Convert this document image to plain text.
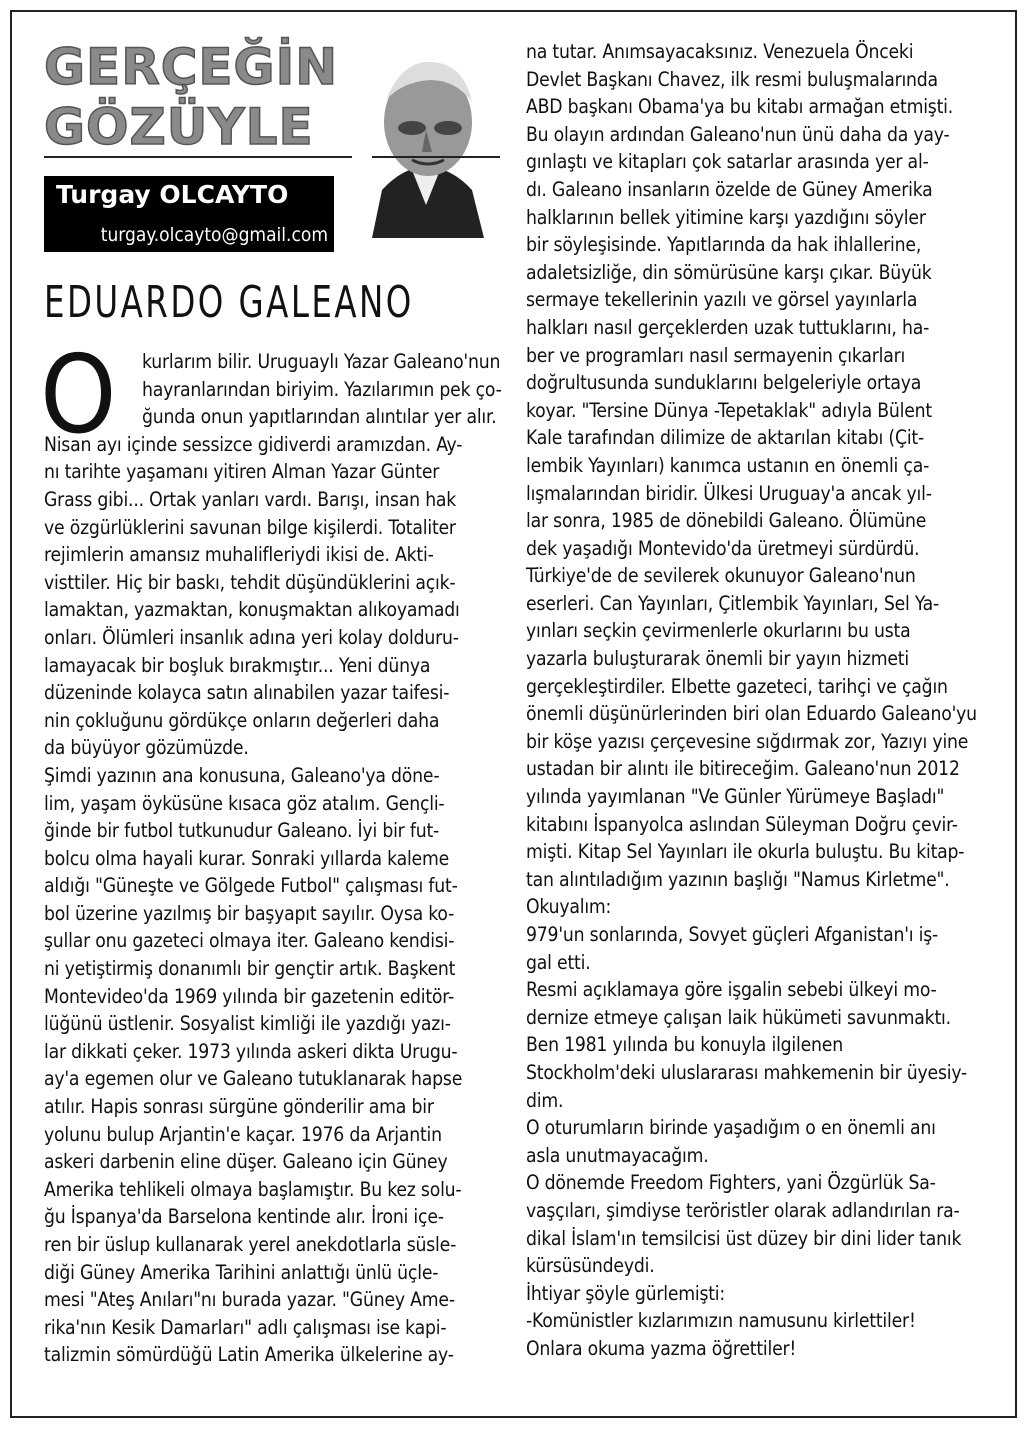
GERÇEĞİN
GÖZÜYLE
turgay.olcayto@gmail.com
Turgay OLCAYTO
EDUARDO GALEANO
O	kurlarım bilir. Uruguaylı Yazar Galeano'nun

hayranlarından biriyim. Yazılarımın pek ço-

ğunda onun yapıtlarından alıntılar yer alır.

Nisan ayı içinde sessizce gidiverdi aramızdan. Ay-

nı tarihte yaşamanı yitiren Alman Yazar Günter

Grass gibi... Ortak yanları vardı. Barışı, insan hak

ve özgürlüklerini savunan bilge kişilerdi. Totaliter

rejimlerin amansız muhalifleriydi ikisi de. Akti-

visttiler. Hiç bir baskı, tehdit düşündüklerini açık-

lamaktan, yazmaktan, konuşmaktan alıkoyamadı

onları. Ölümleri insanlık adına yeri kolay dolduru-

lamayacak bir boşluk bırakmıştır... Yeni dünya

düzeninde kolayca satın alınabilen yazar taifesi-

nin çokluğunu gördükçe onların değerleri daha

da büyüyor gözümüzde.

Şimdi yazının ana konusuna, Galeano'ya döne-

lim, yaşam öyküsüne kısaca göz atalım. Gençli-

ğinde bir futbol tutkunudur Galeano. İyi bir fut-

bolcu olma hayali kurar. Sonraki yıllarda kaleme

aldığı "Güneşte ve Gölgede Futbol" çalışması fut-

bol üzerine yazılmış bir başyapıt sayılır. Oysa ko-

şullar onu gazeteci olmaya iter. Galeano kendisi-

ni yetiştirmiş donanımlı bir gençtir artık. Başkent

Montevideo'da 1969 yılında bir gazetenin editör-

lüğünü üstlenir. Sosyalist kimliği ile yazdığı yazı-

lar dikkati çeker. 1973 yılında askeri dikta Urugu-

ay'a egemen olur ve Galeano tutuklanarak hapse

atılır. Hapis sonrası sürgüne gönderilir ama bir

yolunu bulup Arjantin'e kaçar. 1976 da Arjantin

askeri darbenin eline düşer. Galeano için Güney

Amerika tehlikeli olmaya başlamıştır. Bu kez solu-

ğu İspanya'da Barselona kentinde alır. İroni içe-

ren bir üslup kullanarak yerel anekdotlarla süsle-

diği Güney Amerika Tarihini anlattığı ünlü üçle-

mesi "Ateş Anıları"nı burada yazar. "Güney Ame-

rika'nın Kesik Damarları" adlı çalışması ise kapi-

talizmin sömürdüğü Latin Amerika ülkelerine ay-

na tutar. Anımsayacaksınız. Venezuela Önceki

Devlet Başkanı Chavez, ilk resmi buluşmalarında

ABD başkanı Obama'ya bu kitabı armağan etmişti.

Bu olayın ardından Galeano'nun ünü daha da yay-

gınlaştı ve kitapları çok satarlar arasında yer al-

dı. Galeano insanların özelde de Güney Amerika

halklarının bellek yitimine karşı yazdığını söyler

bir söyleşisinde. Yapıtlarında da hak ihlallerine,

adaletsizliğe, din sömürüsüne karşı çıkar. Büyük

sermaye tekellerinin yazılı ve görsel yayınlarla

halkları nasıl gerçeklerden uzak tuttuklarını, ha-

ber ve programları nasıl sermayenin çıkarları

doğrultusunda sunduklarını belgeleriyle ortaya

koyar. "Tersine Dünya -Tepetaklak" adıyla Bülent

Kale tarafından dilimize de aktarılan kitabı (Çit-

lembik Yayınları) kanımca ustanın en önemli ça-

lışmalarından biridir. Ülkesi Uruguay'a ancak yıl-

lar sonra, 1985 de dönebildi Galeano. Ölümüne

dek yaşadığı Montevido'da üretmeyi sürdürdü.

Türkiye'de de sevilerek okunuyor Galeano'nun

eserleri. Can Yayınları, Çitlembik Yayınları, Sel Ya-

yınları seçkin çevirmenlerle okurlarını bu usta

yazarla buluşturarak önemli bir yayın hizmeti

gerçekleştirdiler. Elbette gazeteci, tarihçi ve çağın

önemli düşünürlerinden biri olan Eduardo Galeano'yu

bir köşe yazısı çerçevesine sığdırmak zor, Yazıyı yine

ustadan bir alıntı ile bitireceğim. Galeano'nun 2012

yılında yayımlanan "Ve Günler Yürümeye Başladı"

kitabını İspanyolca aslından Süleyman Doğru çevir-

mişti. Kitap Sel Yayınları ile okurla buluştu. Bu kitap-

tan alıntıladığım yazının başlığı "Namus Kirletme".

Okuyalım:

979'un sonlarında, Sovyet güçleri Afganistan'ı iş-

gal etti.

Resmi açıklamaya göre işgalin sebebi ülkeyi mo-

dernize etmeye çalışan laik hükümeti savunmaktı.

Ben 1981 yılında bu konuyla ilgilenen

Stockholm'deki uluslararası mahkemenin bir üyesiy-

dim.

O oturumların birinde yaşadığım o en önemli anı

asla unutmayacağım.

O dönemde Freedom Fighters, yani Özgürlük Sa-

vaşçıları, şimdiyse teröristler olarak adlandırılan ra-

dikal İslam'ın temsilcisi üst düzey bir dini lider tanık

kürsüsündeydi.

İhtiyar şöyle gürlemişti:

-Komünistler kızlarımızın namusunu kirlettiler!

Onlara okuma yazma öğrettiler!
